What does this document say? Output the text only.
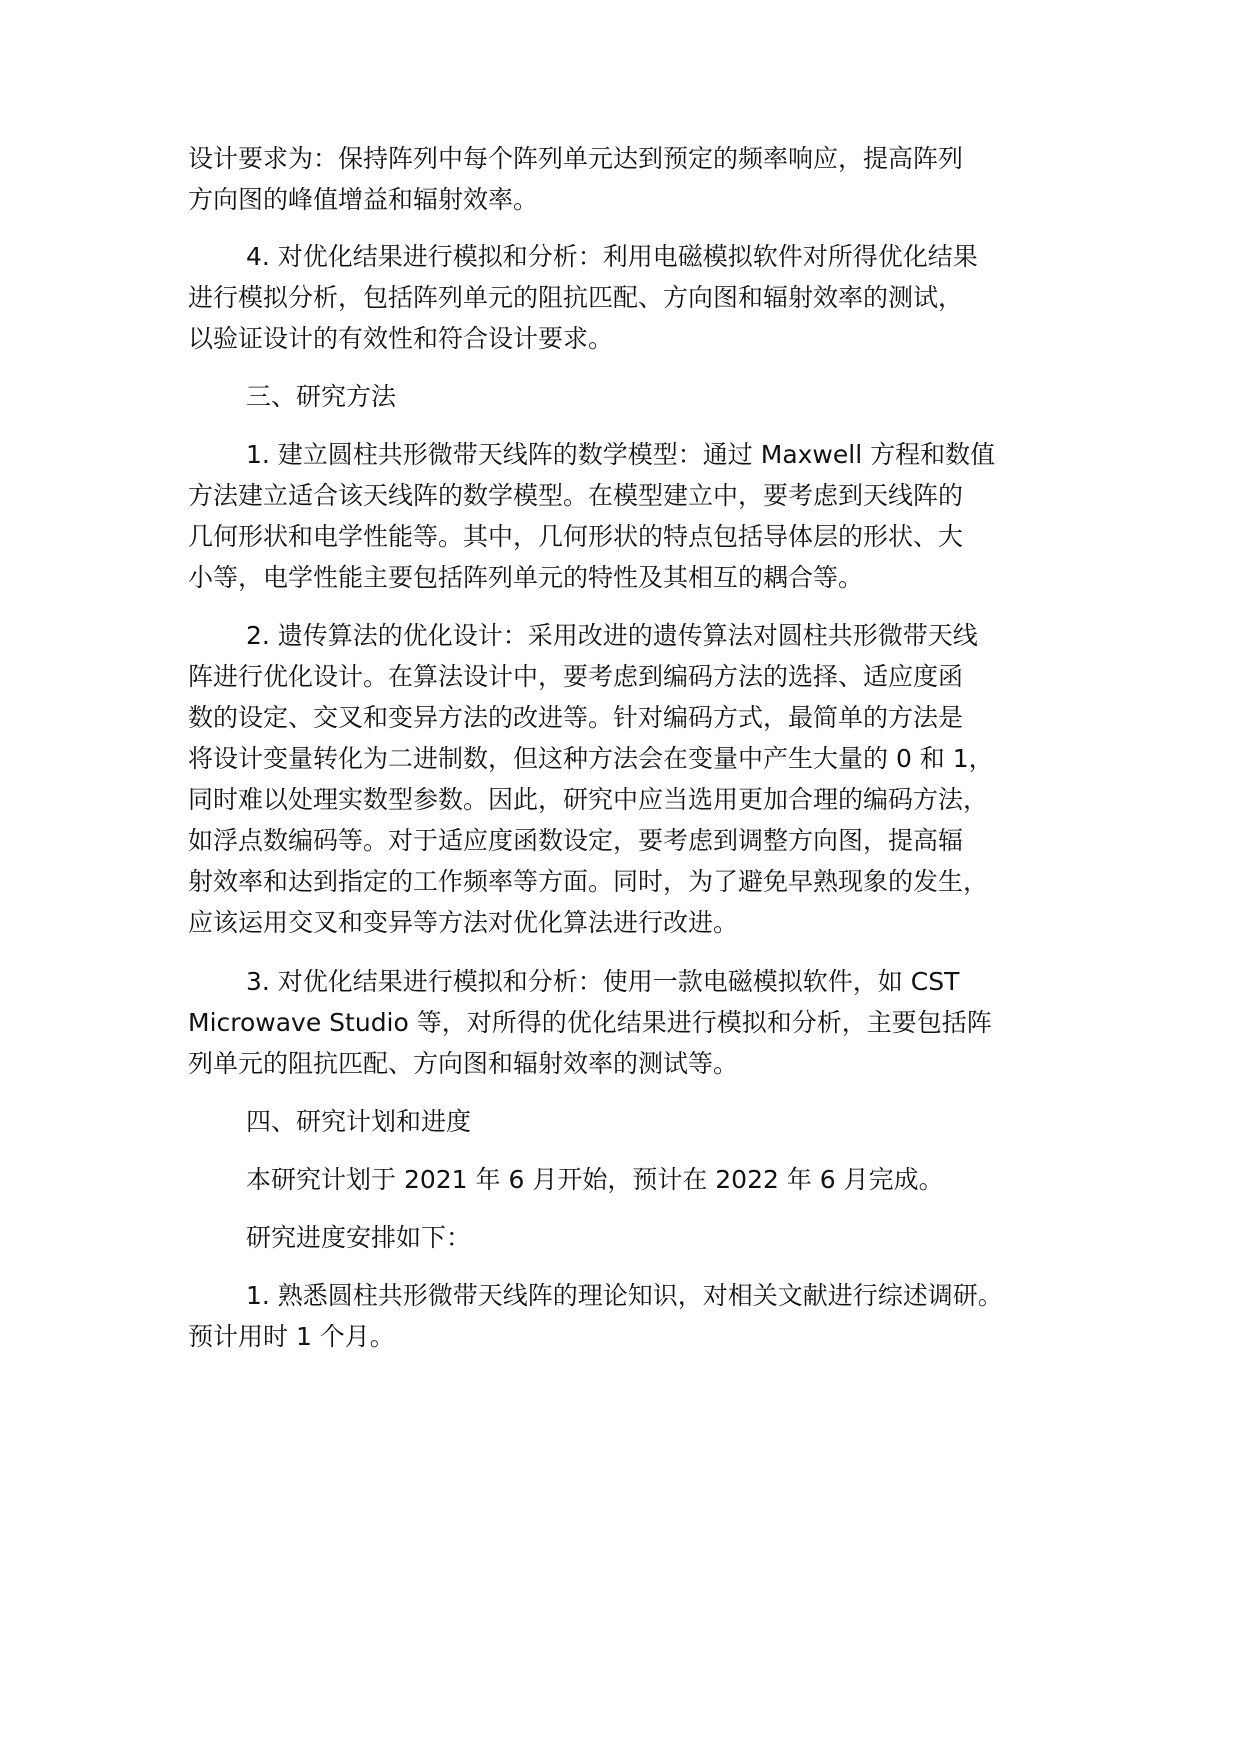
设计要求为：保持阵列中每个阵列单元达到预定的频率响应，提高阵列

方向图的峰值增益和辐射效率。

4. 对优化结果进行模拟和分析：利用电磁模拟软件对所得优化结果

进行模拟分析，包括阵列单元的阻抗匹配、方向图和辐射效率的测试，

以验证设计的有效性和符合设计要求。

三、研究方法

1. 建立圆柱共形微带天线阵的数学模型：通过 Maxwell 方程和数值

方法建立适合该天线阵的数学模型。在模型建立中，要考虑到天线阵的

几何形状和电学性能等。其中，几何形状的特点包括导体层的形状、大

小等，电学性能主要包括阵列单元的特性及其相互的耦合等。

2. 遗传算法的优化设计：采用改进的遗传算法对圆柱共形微带天线

阵进行优化设计。在算法设计中，要考虑到编码方法的选择、适应度函

数的设定、交叉和变异方法的改进等。针对编码方式，最简单的方法是

将设计变量转化为二进制数，但这种方法会在变量中产生大量的 0 和 1，

同时难以处理实数型参数。因此，研究中应当选用更加合理的编码方法，

如浮点数编码等。对于适应度函数设定，要考虑到调整方向图，提高辐

射效率和达到指定的工作频率等方面。同时，为了避免早熟现象的发生，

应该运用交叉和变异等方法对优化算法进行改进。

3. 对优化结果进行模拟和分析：使用一款电磁模拟软件，如 CST

Microwave Studio 等，对所得的优化结果进行模拟和分析，主要包括阵

列单元的阻抗匹配、方向图和辐射效率的测试等。

四、研究计划和进度

本研究计划于 2021 年 6 月开始，预计在 2022 年 6 月完成。

研究进度安排如下：

1. 熟悉圆柱共形微带天线阵的理论知识，对相关文献进行综述调研。

预计用时 1 个月。
